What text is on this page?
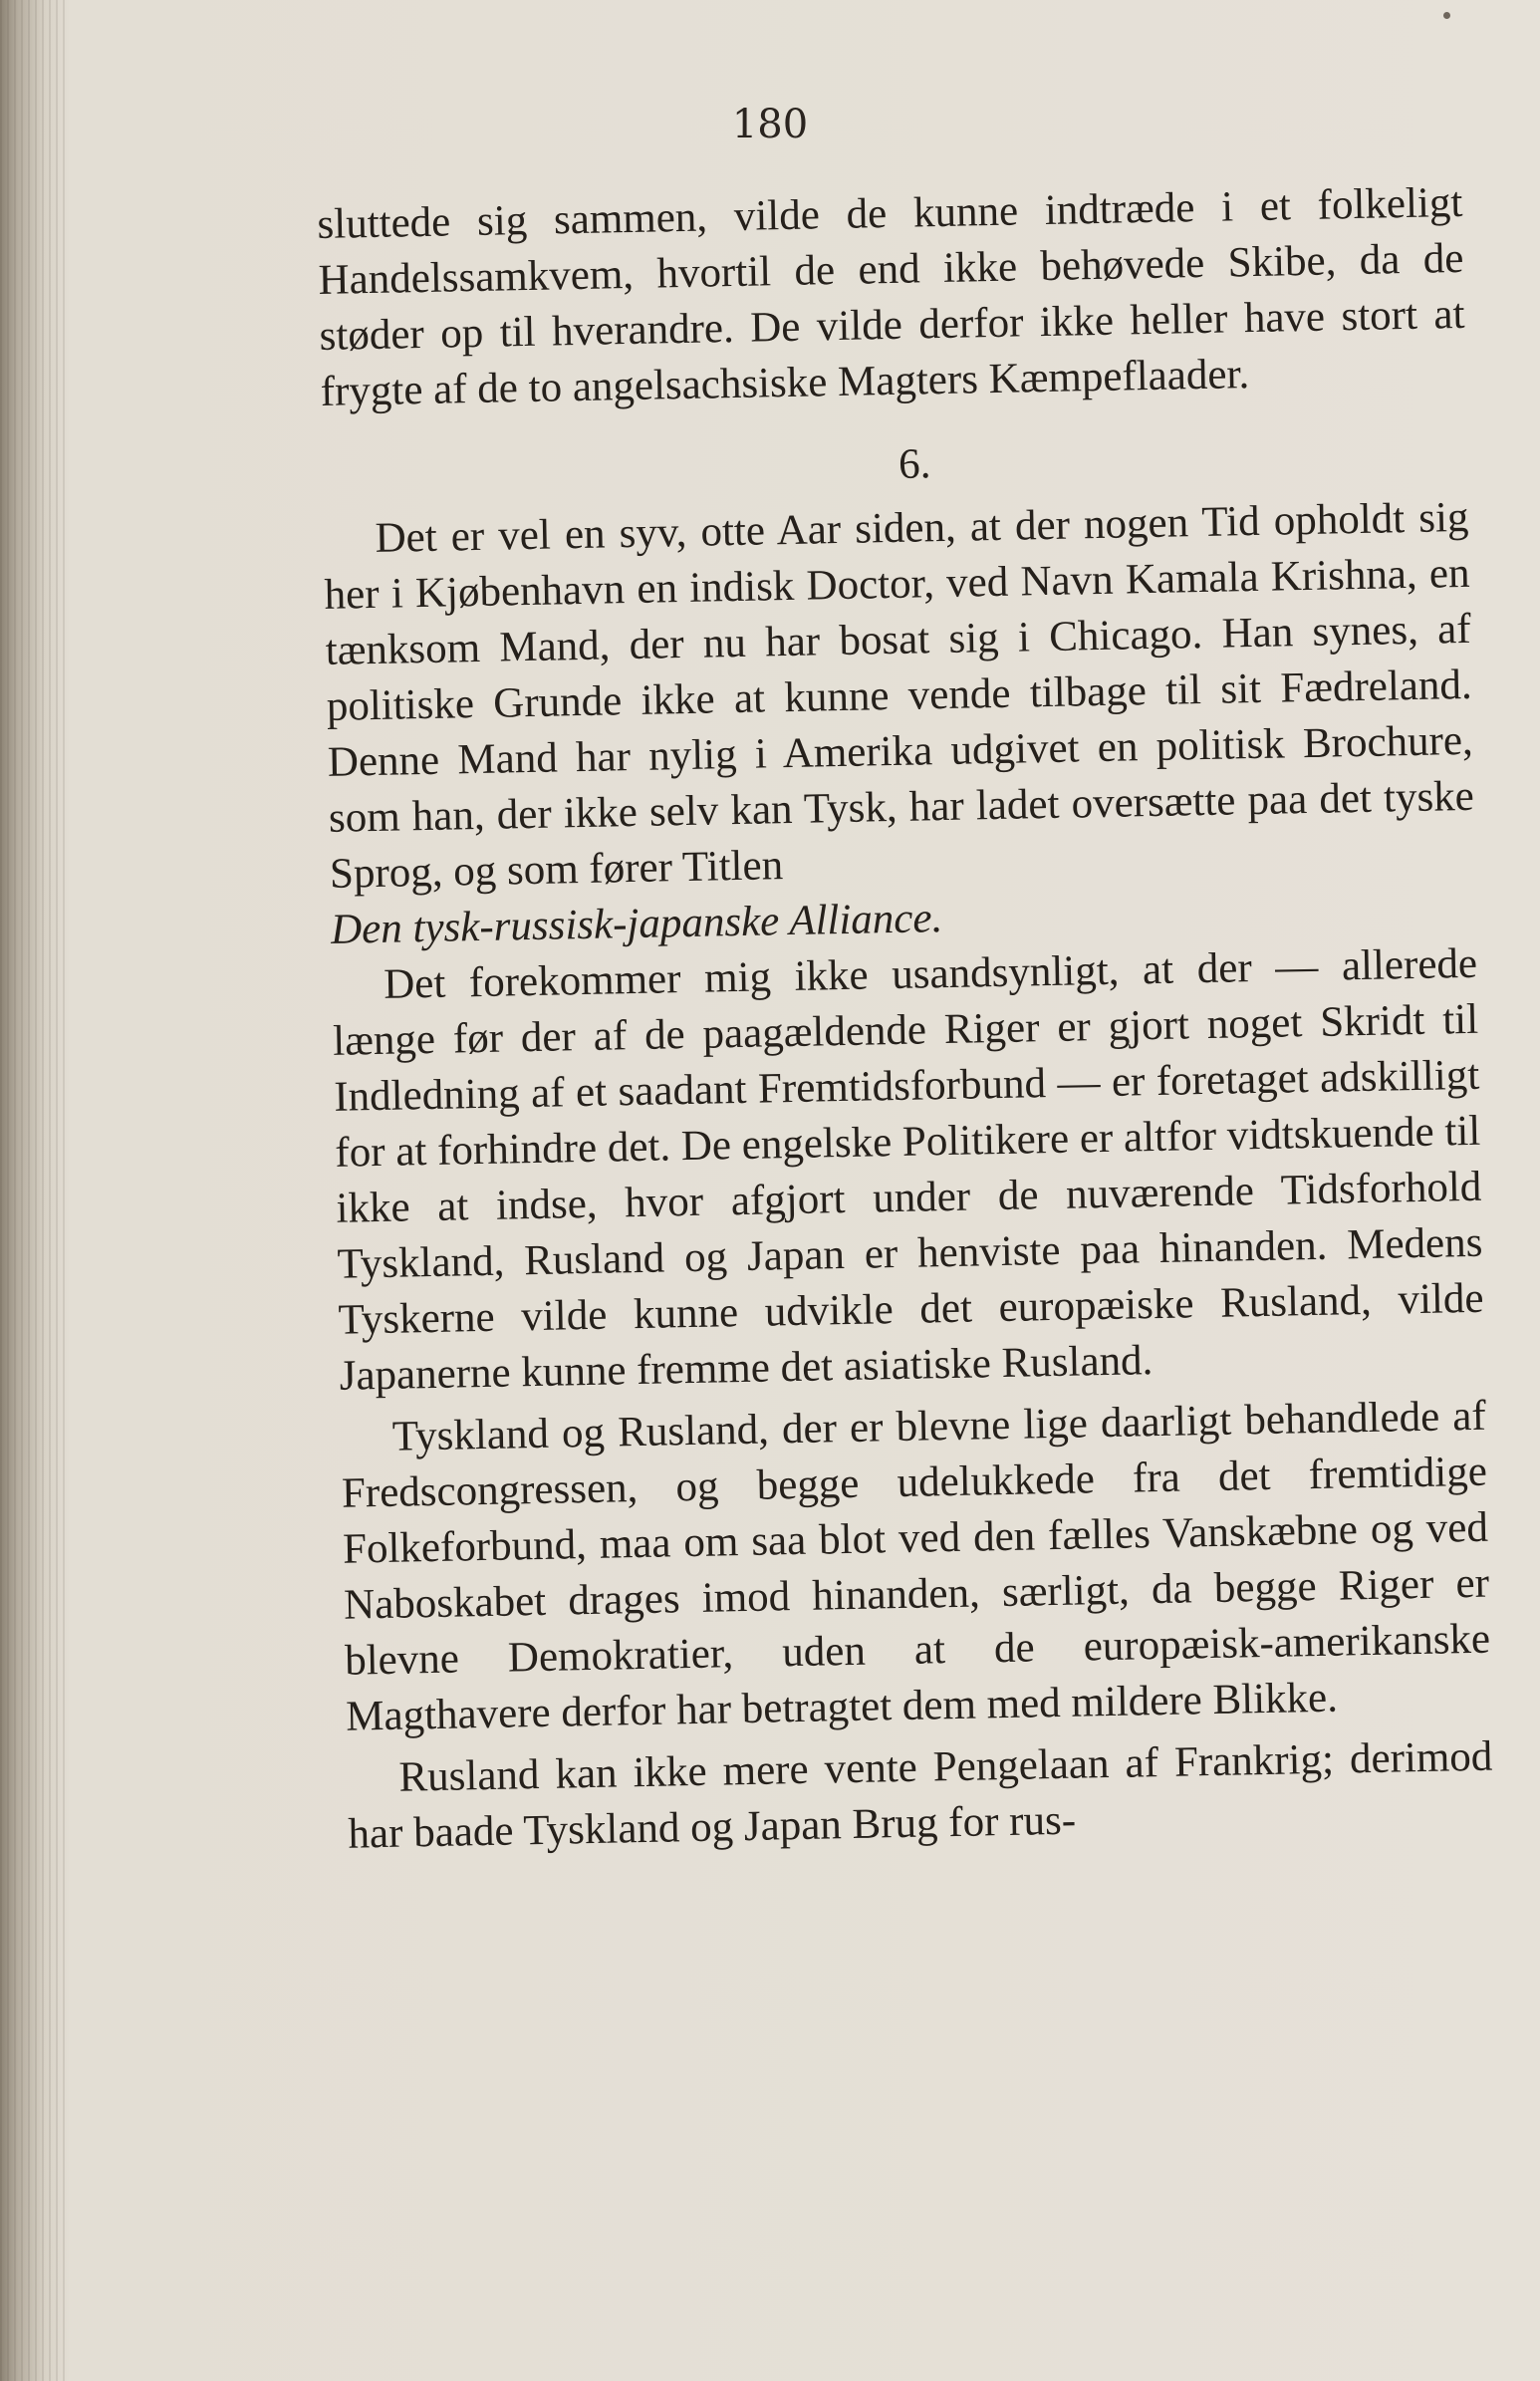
180

sluttede sig sammen, vilde de kunne indtræde i et folkeligt Handelssamkvem, hvortil de end ikke behøvede Skibe, da de støder op til hverandre. De vilde derfor ikke heller have stort at frygte af de to angelsachsiske Magters Kæmpeflaader.

6.

Det er vel en syv, otte Aar siden, at der nogen Tid opholdt sig her i Kjøbenhavn en indisk Doctor, ved Navn Kamala Krishna, en tænksom Mand, der nu har bosat sig i Chicago. Han synes, af politiske Grunde ikke at kunne vende tilbage til sit Fædreland. Denne Mand har nylig i Amerika udgivet en politisk Brochure, som han, der ikke selv kan Tysk, har ladet oversætte paa det tyske Sprog, og som fører Titlen
Den tysk-russisk-japanske Alliance.

Det forekommer mig ikke usandsynligt, at der — allerede længe før der af de paagældende Riger er gjort noget Skridt til Indledning af et saadant Fremtidsforbund — er foretaget adskilligt for at forhindre det. De engelske Politikere er altfor vidtskuende til ikke at indse, hvor afgjort under de nuværende Tidsforhold Tyskland, Rusland og Japan er henviste paa hinanden. Medens Tyskerne vilde kunne udvikle det europæiske Rusland, vilde Japanerne kunne fremme det asiatiske Rusland.

Tyskland og Rusland, der er blevne lige daarligt behandlede af Fredscongressen, og begge udelukkede fra det fremtidige Folkeforbund, maa om saa blot ved den fælles Vanskæbne og ved Naboskabet drages imod hinanden, særligt, da begge Riger er blevne Demokratier, uden at de europæisk-amerikanske Magthavere derfor har betragtet dem med mildere Blikke.

Rusland kan ikke mere vente Pengelaan af Frankrig; derimod har baade Tyskland og Japan Brug for rus-
